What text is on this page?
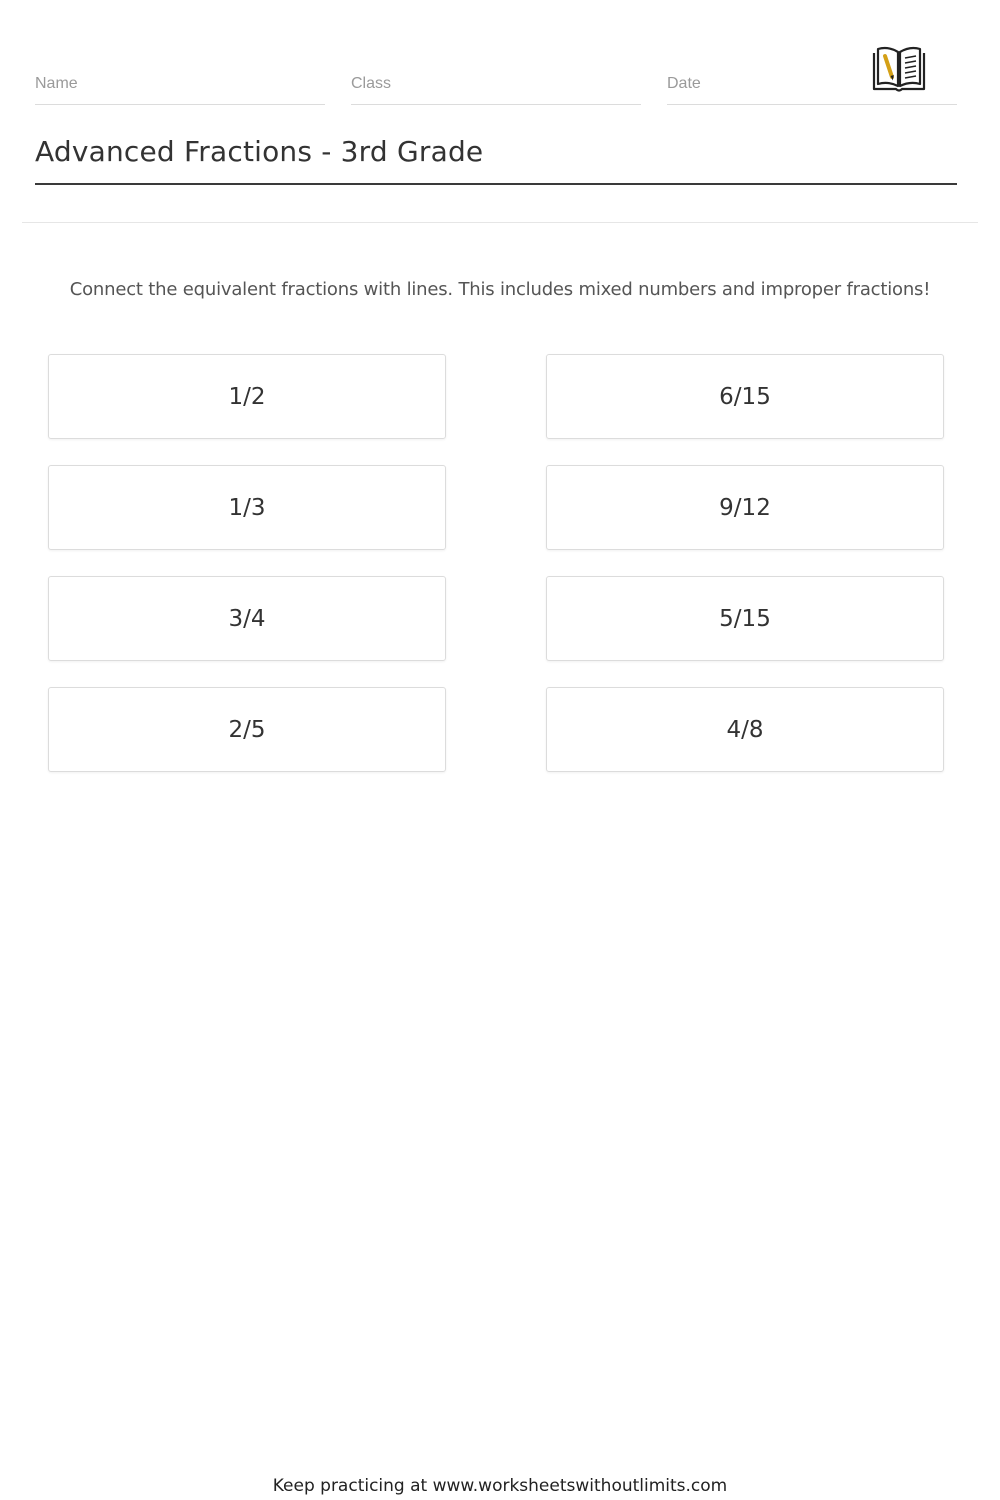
Name	Class	Date
Advanced Fractions - 3rd Grade

Connect the equivalent fractions with lines. This includes mixed numbers and improper fractions!

1/2
1/3
3/4
2/5
6/15
9/12
5/15
4/8

Keep practicing at www.worksheetswithoutlimits.com
